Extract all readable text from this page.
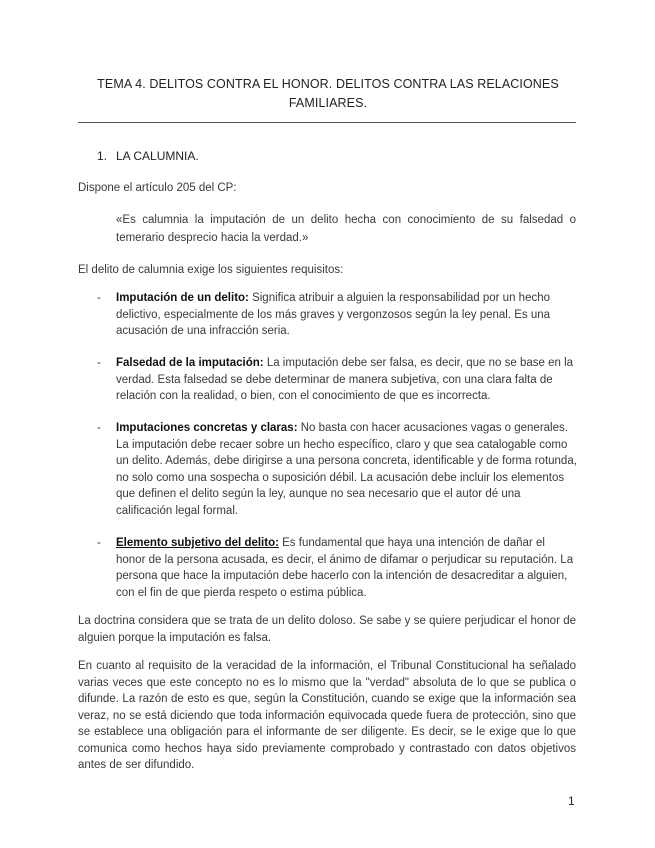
TEMA 4. DELITOS CONTRA EL HONOR. DELITOS CONTRA LAS RELACIONES
FAMILIARES.
1. LA CALUMNIA.
Dispone el artículo 205 del CP:
«Es calumnia la imputación de un delito hecha con conocimiento de su falsedad o temerario desprecio hacia la verdad.»
El delito de calumnia exige los siguientes requisitos:
- Imputación de un delito: Significa atribuir a alguien la responsabilidad por un hecho delictivo, especialmente de los más graves y vergonzosos según la ley penal. Es una acusación de una infracción seria.
- Falsedad de la imputación: La imputación debe ser falsa, es decir, que no se base en la verdad. Esta falsedad se debe determinar de manera subjetiva, con una clara falta de relación con la realidad, o bien, con el conocimiento de que es incorrecta.
- Imputaciones concretas y claras: No basta con hacer acusaciones vagas o generales. La imputación debe recaer sobre un hecho específico, claro y que sea catalogable como un delito. Además, debe dirigirse a una persona concreta, identificable y de forma rotunda, no solo como una sospecha o suposición débil. La acusación debe incluir los elementos que definen el delito según la ley, aunque no sea necesario que el autor dé una calificación legal formal.
- Elemento subjetivo del delito: Es fundamental que haya una intención de dañar el honor de la persona acusada, es decir, el ánimo de difamar o perjudicar su reputación. La persona que hace la imputación debe hacerlo con la intención de desacreditar a alguien, con el fin de que pierda respeto o estima pública.
La doctrina considera que se trata de un delito doloso. Se sabe y se quiere perjudicar el honor de alguien porque la imputación es falsa.
En cuanto al requisito de la veracidad de la información, el Tribunal Constitucional ha señalado varias veces que este concepto no es lo mismo que la "verdad" absoluta de lo que se publica o difunde. La razón de esto es que, según la Constitución, cuando se exige que la información sea veraz, no se está diciendo que toda información equivocada quede fuera de protección, sino que se establece una obligación para el informante de ser diligente. Es decir, se le exige que lo que comunica como hechos haya sido previamente comprobado y contrastado con datos objetivos antes de ser difundido.
1
